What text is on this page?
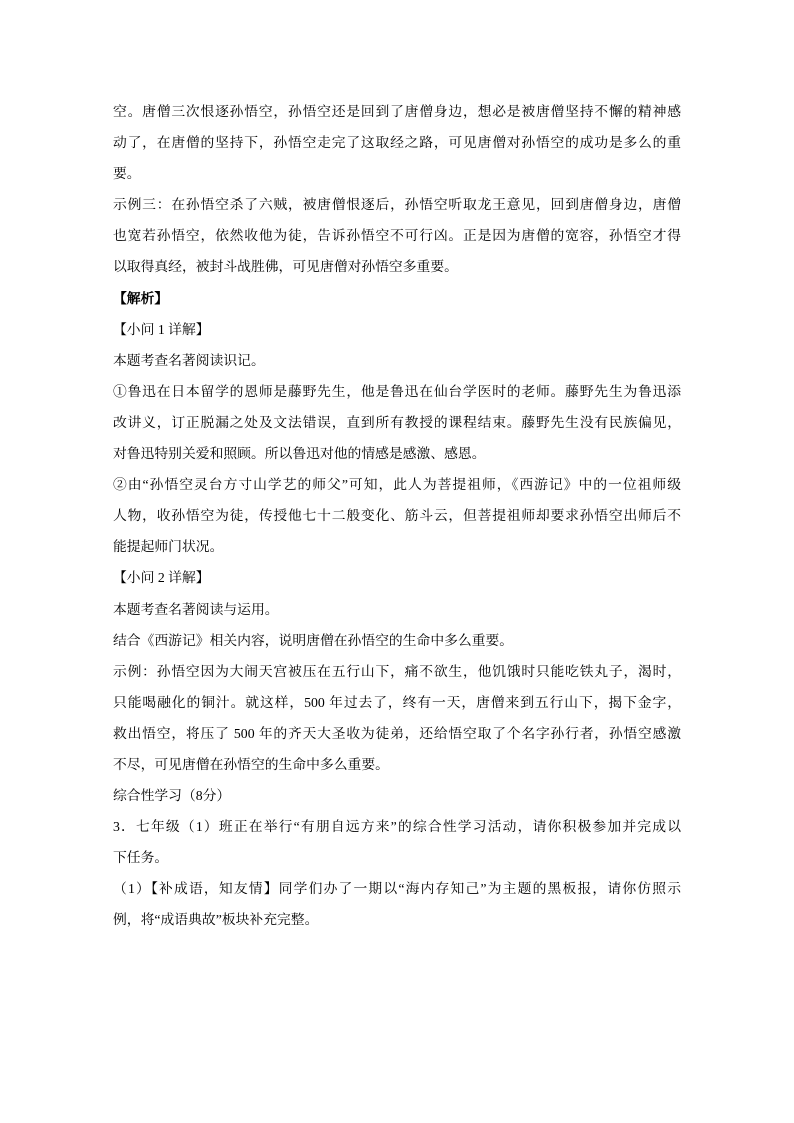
空。唐僧三次恨逐孙悟空，孙悟空还是回到了唐僧身边，想必是被唐僧坚持不懈的精神感
动了，在唐僧的坚持下，孙悟空走完了这取经之路，可见唐僧对孙悟空的成功是多么的重
要。
示例三：在孙悟空杀了六贼，被唐僧恨逐后，孙悟空听取龙王意见，回到唐僧身边，唐僧
也宽若孙悟空，依然收他为徒，告诉孙悟空不可行凶。正是因为唐僧的宽容，孙悟空才得
以取得真经，被封斗战胜佛，可见唐僧对孙悟空多重要。
【解析】
【小问 1 详解】
本题考查名著阅读识记。
①鲁迅在日本留学的恩师是藤野先生，他是鲁迅在仙台学医时的老师。藤野先生为鲁迅添
改讲义，订正脱漏之处及文法错误，直到所有教授的课程结束。藤野先生没有民族偏见，
对鲁迅特别关爱和照顾。所以鲁迅对他的情感是感激、感恩。
②由“孙悟空灵台方寸山学艺的师父”可知，此人为菩提祖师，《西游记》中的一位祖师级
人物，收孙悟空为徒，传授他七十二般变化、筋斗云，但菩提祖师却要求孙悟空出师后不
能提起师门状况。
【小问 2 详解】
本题考查名著阅读与运用。
结合《西游记》相关内容，说明唐僧在孙悟空的生命中多么重要。
示例：孙悟空因为大闹天宫被压在五行山下，痛不欲生，他饥饿时只能吃铁丸子，渴时，
只能喝融化的铜汁。就这样，500 年过去了，终有一天，唐僧来到五行山下，揭下金字，
救出悟空，将压了 500 年的齐天大圣收为徒弟，还给悟空取了个名字孙行者，孙悟空感激
不尽，可见唐僧在孙悟空的生命中多么重要。
综合性学习（8分）
3．七年级（1）班正在举行“有朋自远方来”的综合性学习活动，请你积极参加并完成以
下任务。
（1）【补成语，知友情】同学们办了一期以“海内存知己”为主题的黑板报，请你仿照示
例，将“成语典故”板块补充完整。
